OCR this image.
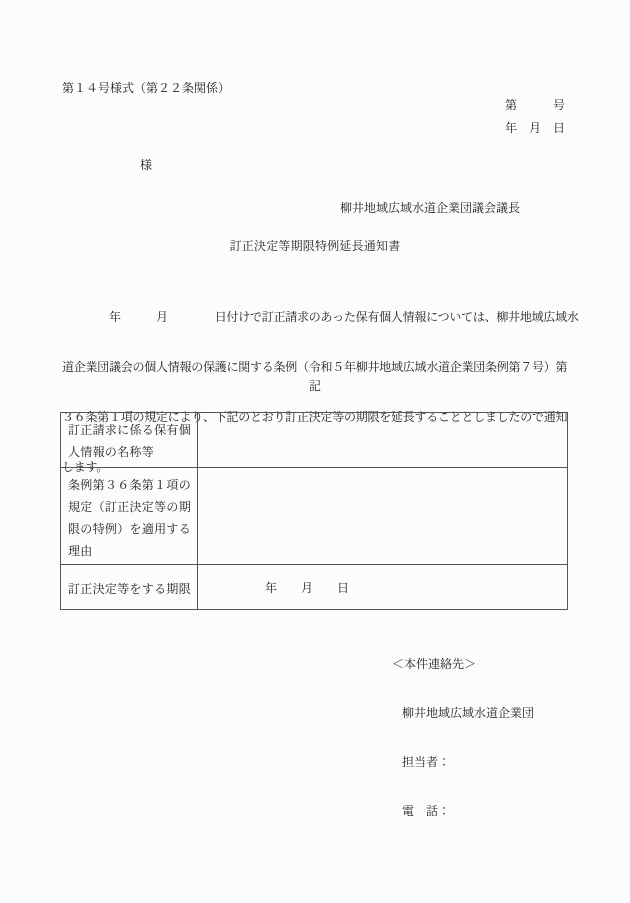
第１４号様式（第２２条関係）
第　　　号
年　月　日
様
柳井地域広域水道企業団議会議長
訂正決定等期限特例延長通知書

　　　　年　　　月　　　　日付けで訂正請求のあった保有個人情報については、柳井地域広域水

道企業団議会の個人情報の保護に関する条例（令和５年柳井地域広域水道企業団条例第７号）第

３６条第１項の規定により、下記のとおり訂正決定等の期限を延長することとしましたので通知

します。

記
訂正請求に係る保有個
人情報の名称等	

条例第３６条第１項の
規定（訂正決定等の期
限の特例）を適用する
理由	

訂正決定等をする期限	年　　月　　日

＜本件連絡先＞

柳井地域広域水道企業団

担当者：

電　話：
